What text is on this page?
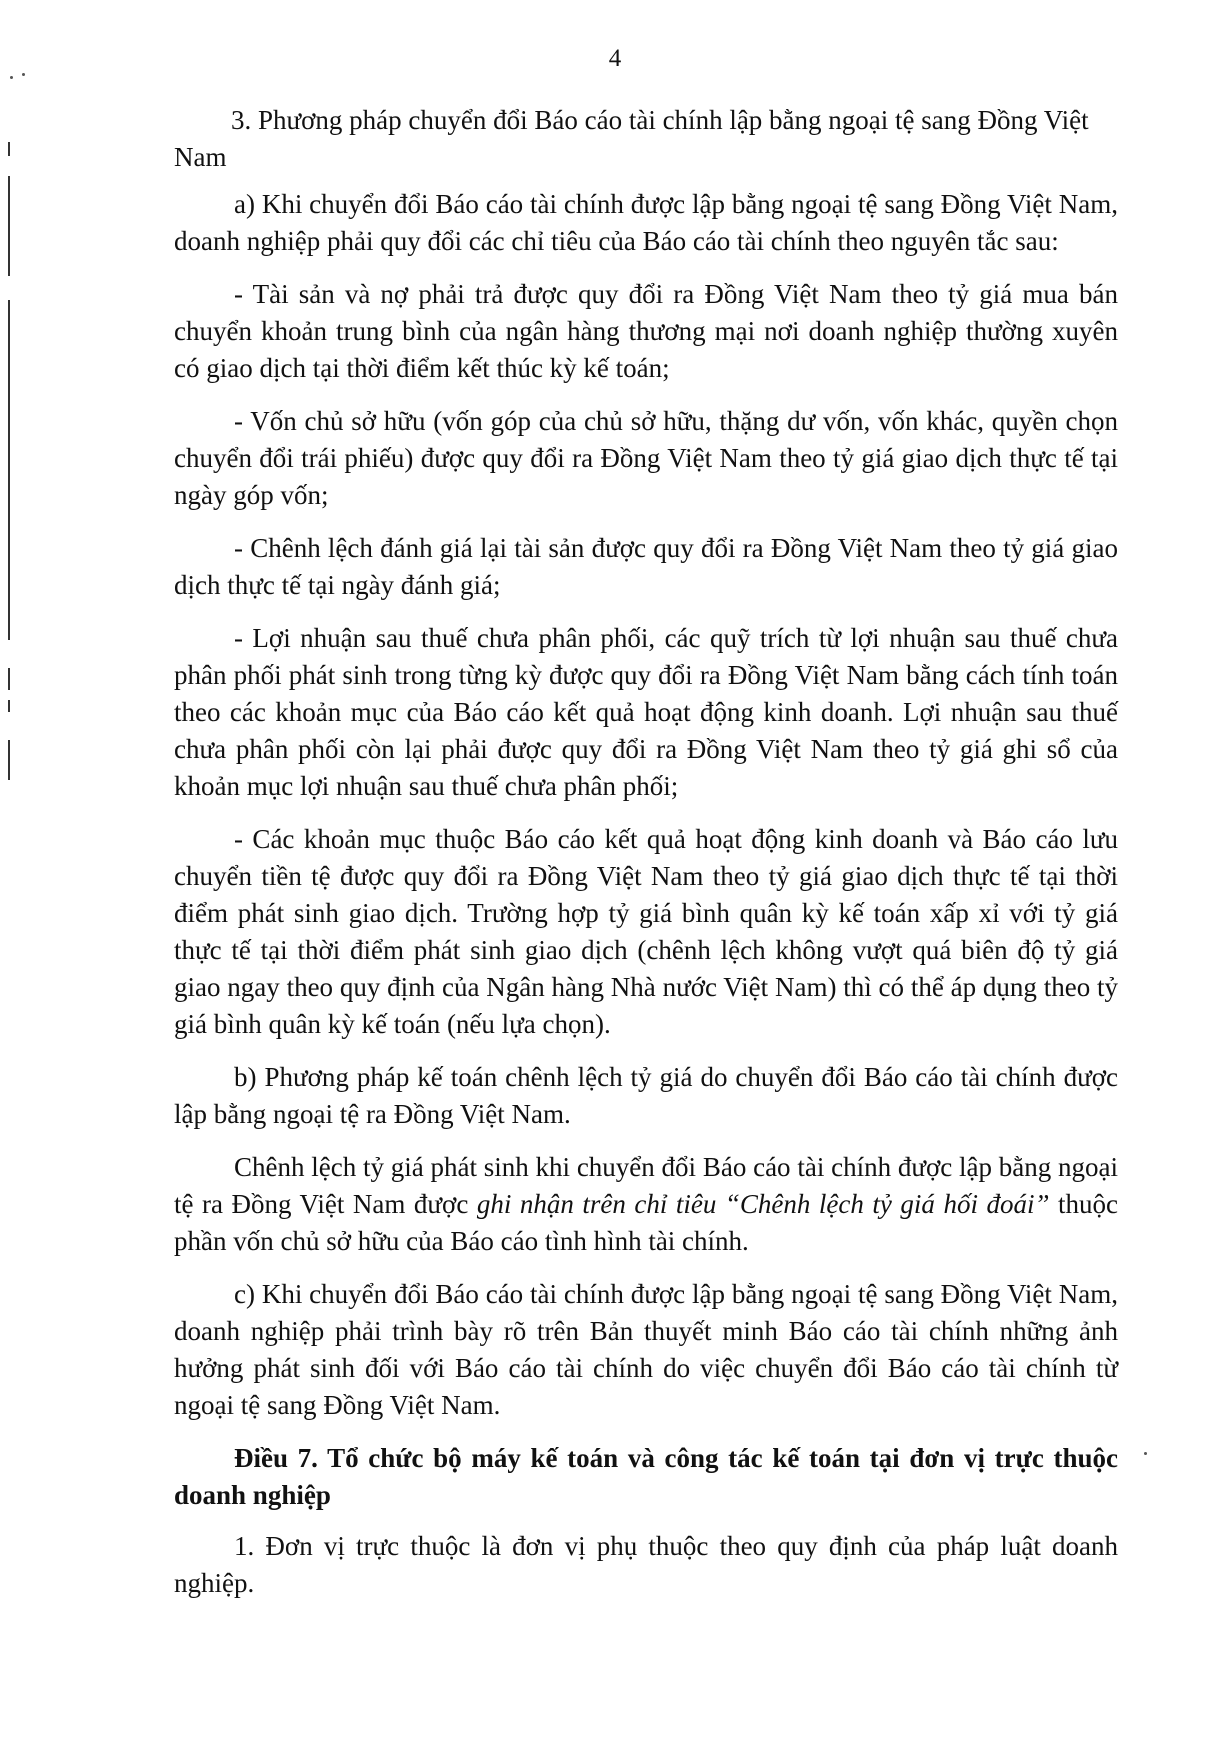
4

3. Phương pháp chuyển đổi Báo cáo tài chính lập bằng ngoại tệ sang Đồng Việt Nam

a) Khi chuyển đổi Báo cáo tài chính được lập bằng ngoại tệ sang Đồng Việt Nam, doanh nghiệp phải quy đổi các chỉ tiêu của Báo cáo tài chính theo nguyên tắc sau:

- Tài sản và nợ phải trả được quy đổi ra Đồng Việt Nam theo tỷ giá mua bán chuyển khoản trung bình của ngân hàng thương mại nơi doanh nghiệp thường xuyên có giao dịch tại thời điểm kết thúc kỳ kế toán;

- Vốn chủ sở hữu (vốn góp của chủ sở hữu, thặng dư vốn, vốn khác, quyền chọn chuyển đổi trái phiếu) được quy đổi ra Đồng Việt Nam theo tỷ giá giao dịch thực tế tại ngày góp vốn;

- Chênh lệch đánh giá lại tài sản được quy đổi ra Đồng Việt Nam theo tỷ giá giao dịch thực tế tại ngày đánh giá;

- Lợi nhuận sau thuế chưa phân phối, các quỹ trích từ lợi nhuận sau thuế chưa phân phối phát sinh trong từng kỳ được quy đổi ra Đồng Việt Nam bằng cách tính toán theo các khoản mục của Báo cáo kết quả hoạt động kinh doanh. Lợi nhuận sau thuế chưa phân phối còn lại phải được quy đổi ra Đồng Việt Nam theo tỷ giá ghi sổ của khoản mục lợi nhuận sau thuế chưa phân phối;

- Các khoản mục thuộc Báo cáo kết quả hoạt động kinh doanh và Báo cáo lưu chuyển tiền tệ được quy đổi ra Đồng Việt Nam theo tỷ giá giao dịch thực tế tại thời điểm phát sinh giao dịch. Trường hợp tỷ giá bình quân kỳ kế toán xấp xỉ với tỷ giá thực tế tại thời điểm phát sinh giao dịch (chênh lệch không vượt quá biên độ tỷ giá giao ngay theo quy định của Ngân hàng Nhà nước Việt Nam) thì có thể áp dụng theo tỷ giá bình quân kỳ kế toán (nếu lựa chọn).

b) Phương pháp kế toán chênh lệch tỷ giá do chuyển đổi Báo cáo tài chính được lập bằng ngoại tệ ra Đồng Việt Nam.

Chênh lệch tỷ giá phát sinh khi chuyển đổi Báo cáo tài chính được lập bằng ngoại tệ ra Đồng Việt Nam được ghi nhận trên chỉ tiêu “Chênh lệch tỷ giá hối đoái” thuộc phần vốn chủ sở hữu của Báo cáo tình hình tài chính.

c) Khi chuyển đổi Báo cáo tài chính được lập bằng ngoại tệ sang Đồng Việt Nam, doanh nghiệp phải trình bày rõ trên Bản thuyết minh Báo cáo tài chính những ảnh hưởng phát sinh đối với Báo cáo tài chính do việc chuyển đổi Báo cáo tài chính từ ngoại tệ sang Đồng Việt Nam.

Điều 7. Tổ chức bộ máy kế toán và công tác kế toán tại đơn vị trực thuộc doanh nghiệp

1. Đơn vị trực thuộc là đơn vị phụ thuộc theo quy định của pháp luật doanh nghiệp.
